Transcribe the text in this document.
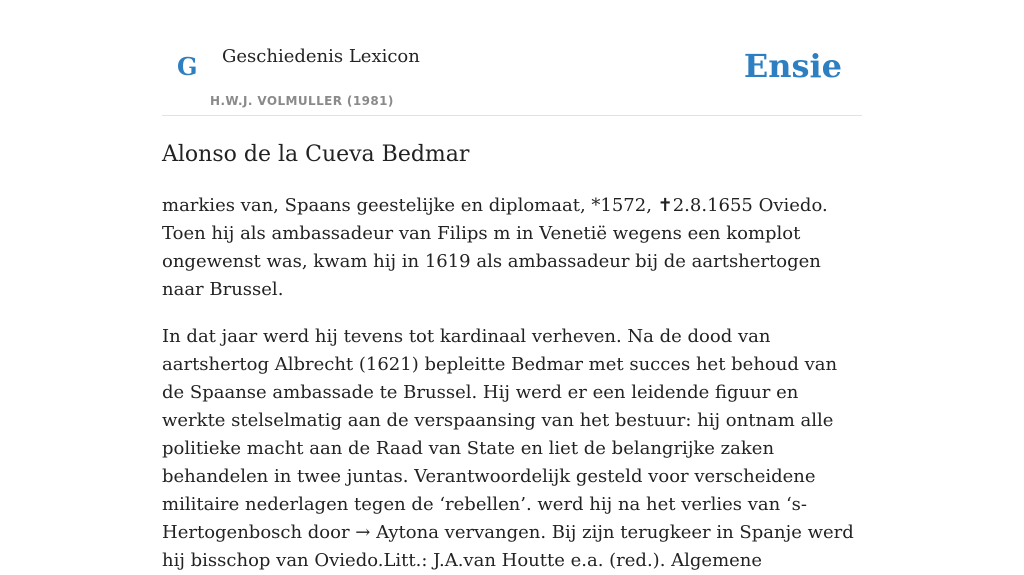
G Geschiedenis Lexicon
H.W.J. VOLMULLER (1981)
Ensie
Alonso de la Cueva Bedmar

markies van, Spaans geestelijke en diplomaat, *1572, ✝2.8.1655 Oviedo. Toen hij als ambassadeur van Filips m in Venetië wegens een komplot ongewenst was, kwam hij in 1619 als ambassadeur bij de aartshertogen naar Brussel.

In dat jaar werd hij tevens tot kardinaal verheven. Na de dood van aartshertog Albrecht (1621) bepleitte Bedmar met succes het behoud van de Spaanse ambassade te Brussel. Hij werd er een leidende figuur en werkte stelselmatig aan de verspaansing van het bestuur: hij ontnam alle politieke macht aan de Raad van State en liet de belangrijke zaken behandelen in twee juntas. Verantwoordelijk gesteld voor verscheidene militaire nederlagen tegen de ‘rebellen’. werd hij na het verlies van ‘s-Hertogenbosch door → Aytona vervangen. Bij zijn terugkeer in Spanje werd hij bisschop van Oviedo.Litt.: J.A.van Houtte e.a. (red.). Algemene
